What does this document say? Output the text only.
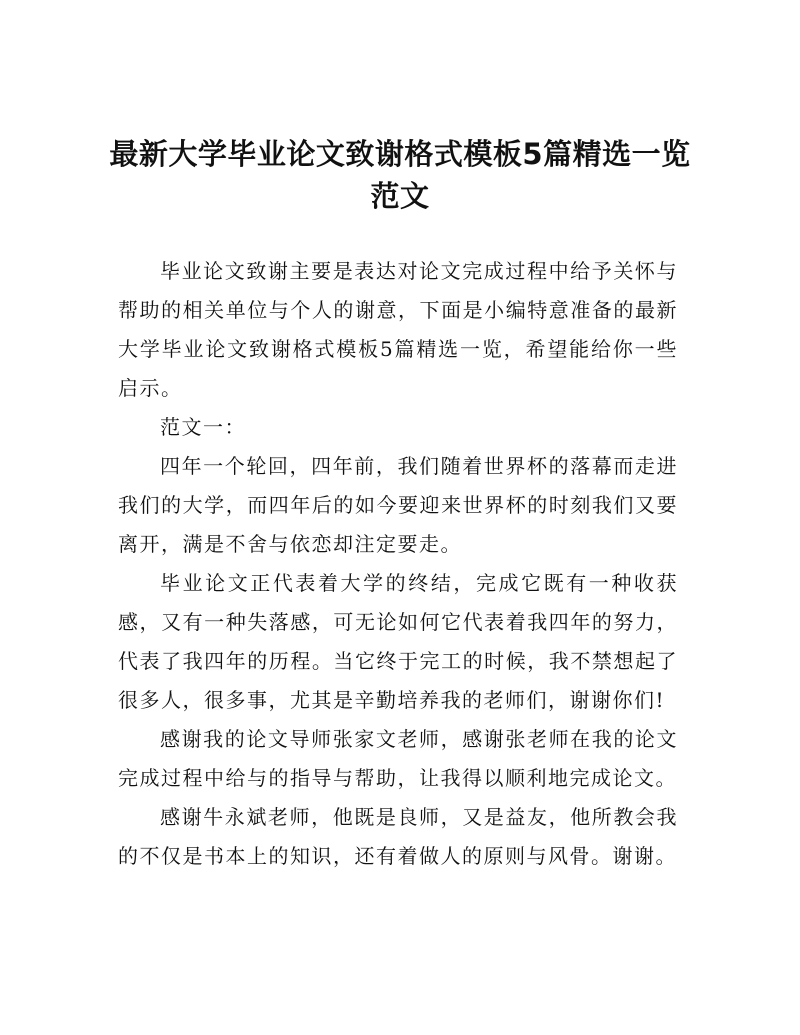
最新大学毕业论文致谢格式模板5篇精选一览范文

毕业论文致谢主要是表达对论文完成过程中给予关怀与帮助的相关单位与个人的谢意，下面是小编特意准备的最新大学毕业论文致谢格式模板5篇精选一览，希望能给你一些启示。

范文一：

四年一个轮回，四年前，我们随着世界杯的落幕而走进我们的大学，而四年后的如今要迎来世界杯的时刻我们又要离开，满是不舍与依恋却注定要走。

毕业论文正代表着大学的终结，完成它既有一种收获感，又有一种失落感，可无论如何它代表着我四年的努力，代表了我四年的历程。当它终于完工的时候，我不禁想起了很多人，很多事，尤其是辛勤培养我的老师们，谢谢你们!

感谢我的论文导师张家文老师，感谢张老师在我的论文完成过程中给与的指导与帮助，让我得以顺利地完成论文。

感谢牛永斌老师，他既是良师，又是益友，他所教会我的不仅是书本上的知识，还有着做人的原则与风骨。谢谢。
